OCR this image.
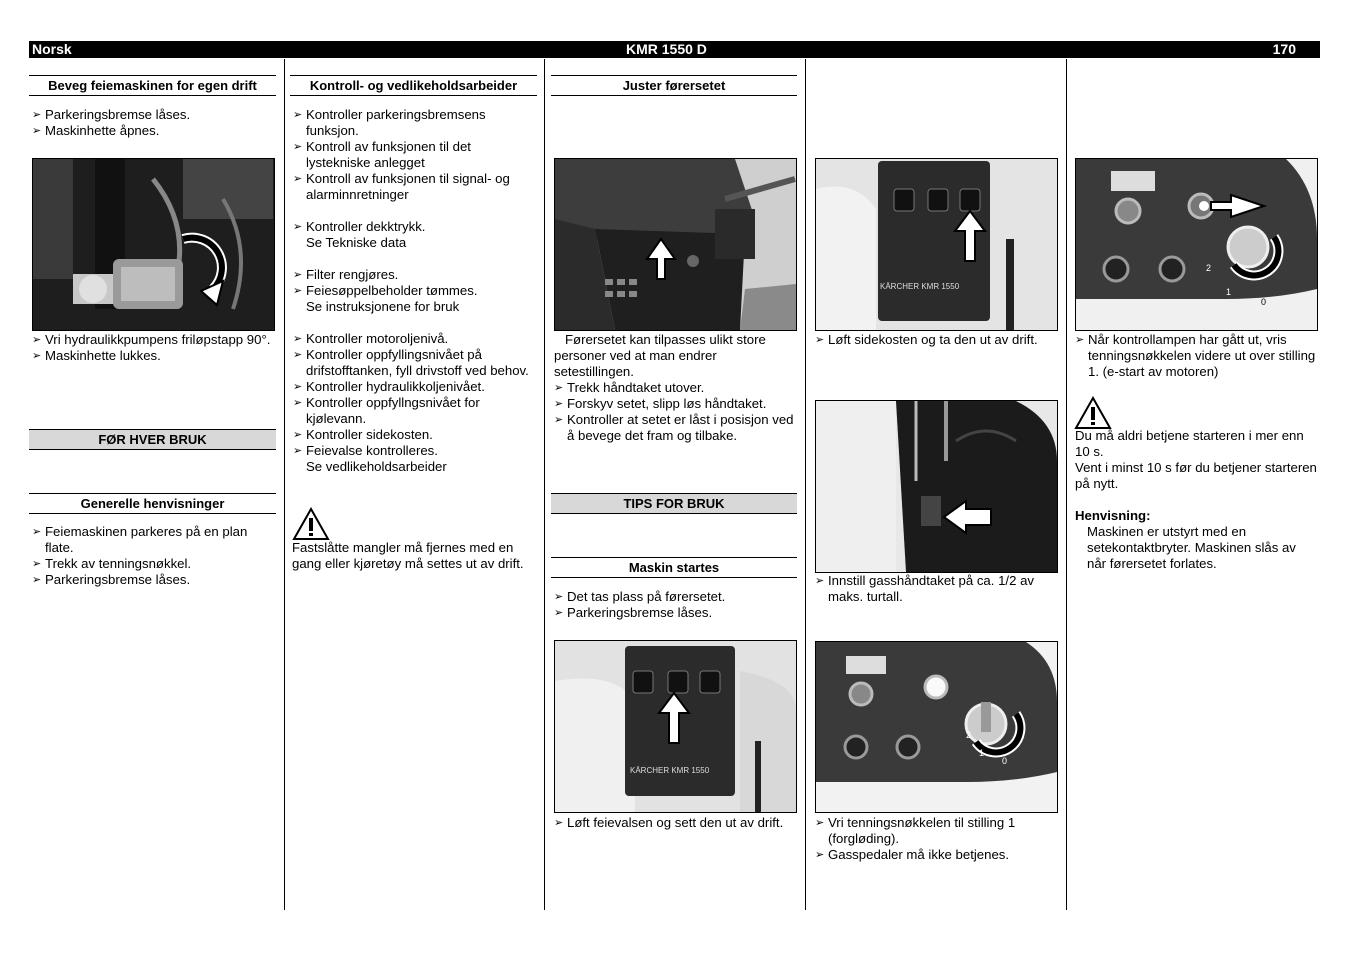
Norsk	KMR 1550 D	170
Beveg feiemaskinen for egen drift
➢ Parkeringsbremse låses.
➢ Maskinhette åpnes.
➢ Vri hydraulikkpumpens friløpstapp 90°.
➢ Maskinhette lukkes.
FØR HVER BRUK
Generelle henvisninger
➢ Feiemaskinen parkeres på en plan flate.
➢ Trekk av tenningsnøkkel.
➢ Parkeringsbremse låses.
Kontroll- og vedlikeholdsarbeider
➢ Kontroller parkeringsbremsens funksjon.
➢ Kontroll av funksjonen til det lystekniske anlegget
➢ Kontroll av funksjonen til signal- og alarminnretninger
➢ Kontroller dekktrykk.
Se Tekniske data
➢ Filter rengjøres.
➢ Feiesøppelbeholder tømmes.
Se instruksjonene for bruk
➢ Kontroller motoroljenivå.
➢ Kontroller oppfyllingsnivået på drifstofftanken, fyll drivstoff ved behov.
➢ Kontroller hydraulikkoljenivået.
➢ Kontroller oppfyllngsnivået for kjølevann.
➢ Kontroller sidekosten.
➢ Feievalse kontrolleres.
Se vedlikeholdsarbeider
Fastslåtte mangler må fjernes med en gang eller kjøretøy må settes ut av drift.
Juster førersetet
Førersetet kan tilpasses ulikt store personer ved at man endrer setestillingen.
➢ Trekk håndtaket utover.
➢ Forskyv setet, slipp løs håndtaket.
➢ Kontroller at setet er låst i posisjon ved å bevege det fram og tilbake.
TIPS FOR BRUK
Maskin startes
➢ Det tas plass på førersetet.
➢ Parkeringsbremse låses.
KÄRCHER KMR 1550
➢ Løft feievalsen og sett den ut av drift.
KÄRCHER KMR 1550
➢ Løft sidekosten og ta den ut av drift.
➢ Innstill gasshåndtaket på ca. 1/2 av maks. turtall.
2
1
0
➢ Vri tenningsnøkkelen til stilling 1 (forgløding).
➢ Gasspedaler må ikke betjenes.
2
1
0
➢ Når kontrollampen har gått ut, vris tenningsnøkkelen videre ut over stilling 1. (e-start av motoren)
Du må aldri betjene starteren i mer enn 10 s.
Vent i minst 10 s før du betjener starteren på nytt.
Henvisning:
Maskinen er utstyrt med en setekontaktbryter. Maskinen slås av når førersetet forlates.
